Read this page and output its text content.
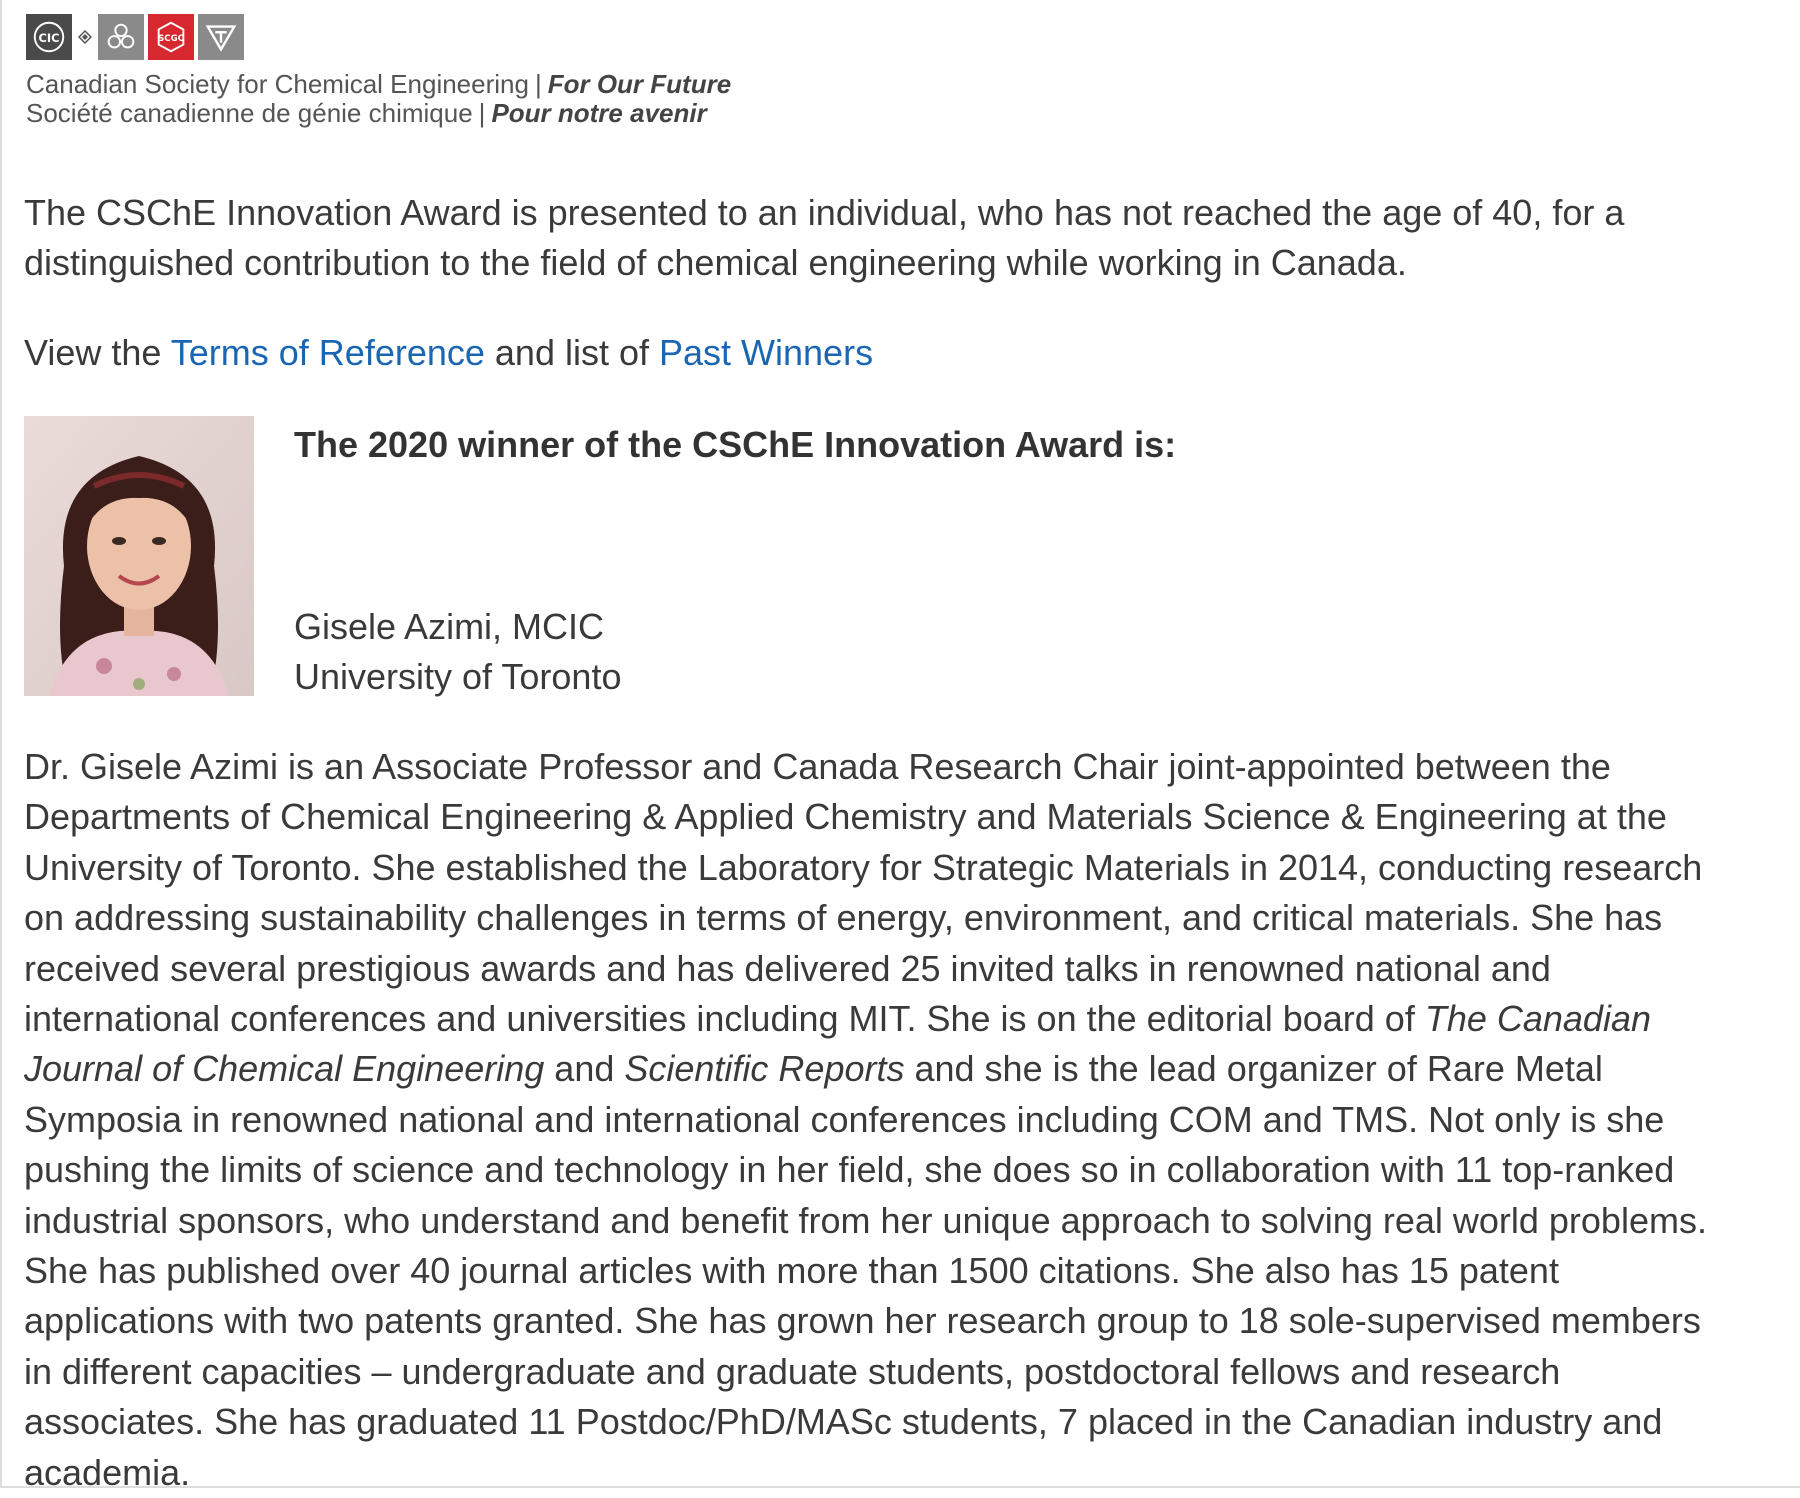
CIC	SCGC
Canadian Society for Chemical Engineering | For Our Future
Société canadienne de génie chimique | Pour notre avenir

The CSChE Innovation Award is presented to an individual, who has not reached the age of 40, for a distinguished contribution to the field of chemical engineering while working in Canada.

View the Terms of Reference and list of Past Winners
The 2020 winner of the CSChE Innovation Award is:
Gisele Azimi, MCIC
University of Toronto

Dr. Gisele Azimi is an Associate Professor and Canada Research Chair joint-appointed between the Departments of Chemical Engineering & Applied Chemistry and Materials Science & Engineering at the University of Toronto. She established the Laboratory for Strategic Materials in 2014, conducting research on addressing sustainability challenges in terms of energy, environment, and critical materials. She has received several prestigious awards and has delivered 25 invited talks in renowned national and international conferences and universities including MIT. She is on the editorial board of The Canadian Journal of Chemical Engineering and Scientific Reports and she is the lead organizer of Rare Metal Symposia in renowned national and international conferences including COM and TMS. Not only is she pushing the limits of science and technology in her field, she does so in collaboration with 11 top-ranked industrial sponsors, who understand and benefit from her unique approach to solving real world problems. She has published over 40 journal articles with more than 1500 citations. She also has 15 patent applications with two patents granted. She has grown her research group to 18 sole-supervised members in different capacities – undergraduate and graduate students, postdoctoral fellows and research associates. She has graduated 11 Postdoc/PhD/MASc students, 7 placed in the Canadian industry and academia.
